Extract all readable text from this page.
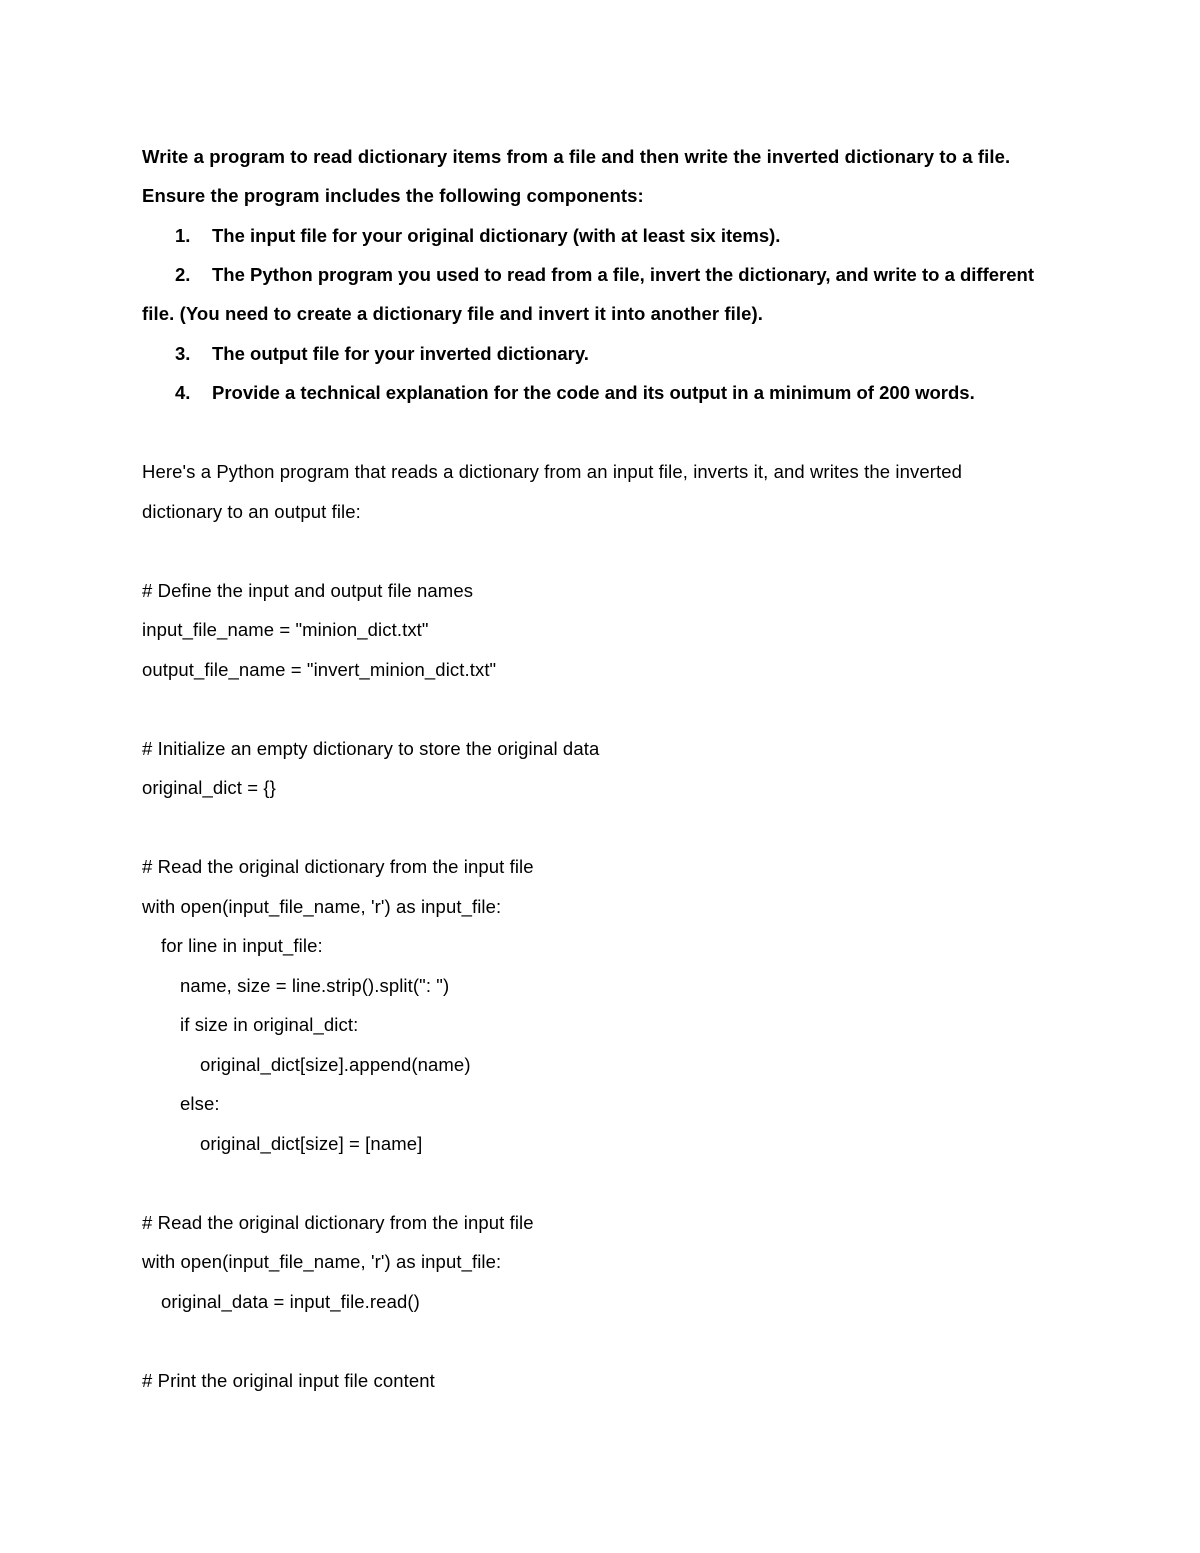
Write a program to read dictionary items from a file and then write the inverted dictionary to a file.
Ensure the program includes the following components:
1. The input file for your original dictionary (with at least six items).
2. The Python program you used to read from a file, invert the dictionary, and write to a different
file. (You need to create a dictionary file and invert it into another file).
3. The output file for your inverted dictionary.
4. Provide a technical explanation for the code and its output in a minimum of 200 words.
Here's a Python program that reads a dictionary from an input file, inverts it, and writes the inverted
dictionary to an output file:
# Define the input and output file names
input_file_name = "minion_dict.txt"
output_file_name = "invert_minion_dict.txt"
# Initialize an empty dictionary to store the original data
original_dict = {}
# Read the original dictionary from the input file
with open(input_file_name, 'r') as input_file:
for line in input_file:
name, size = line.strip().split(": ")
if size in original_dict:
original_dict[size].append(name)
else:
original_dict[size] = [name]
# Read the original dictionary from the input file
with open(input_file_name, 'r') as input_file:
original_data = input_file.read()
# Print the original input file content
